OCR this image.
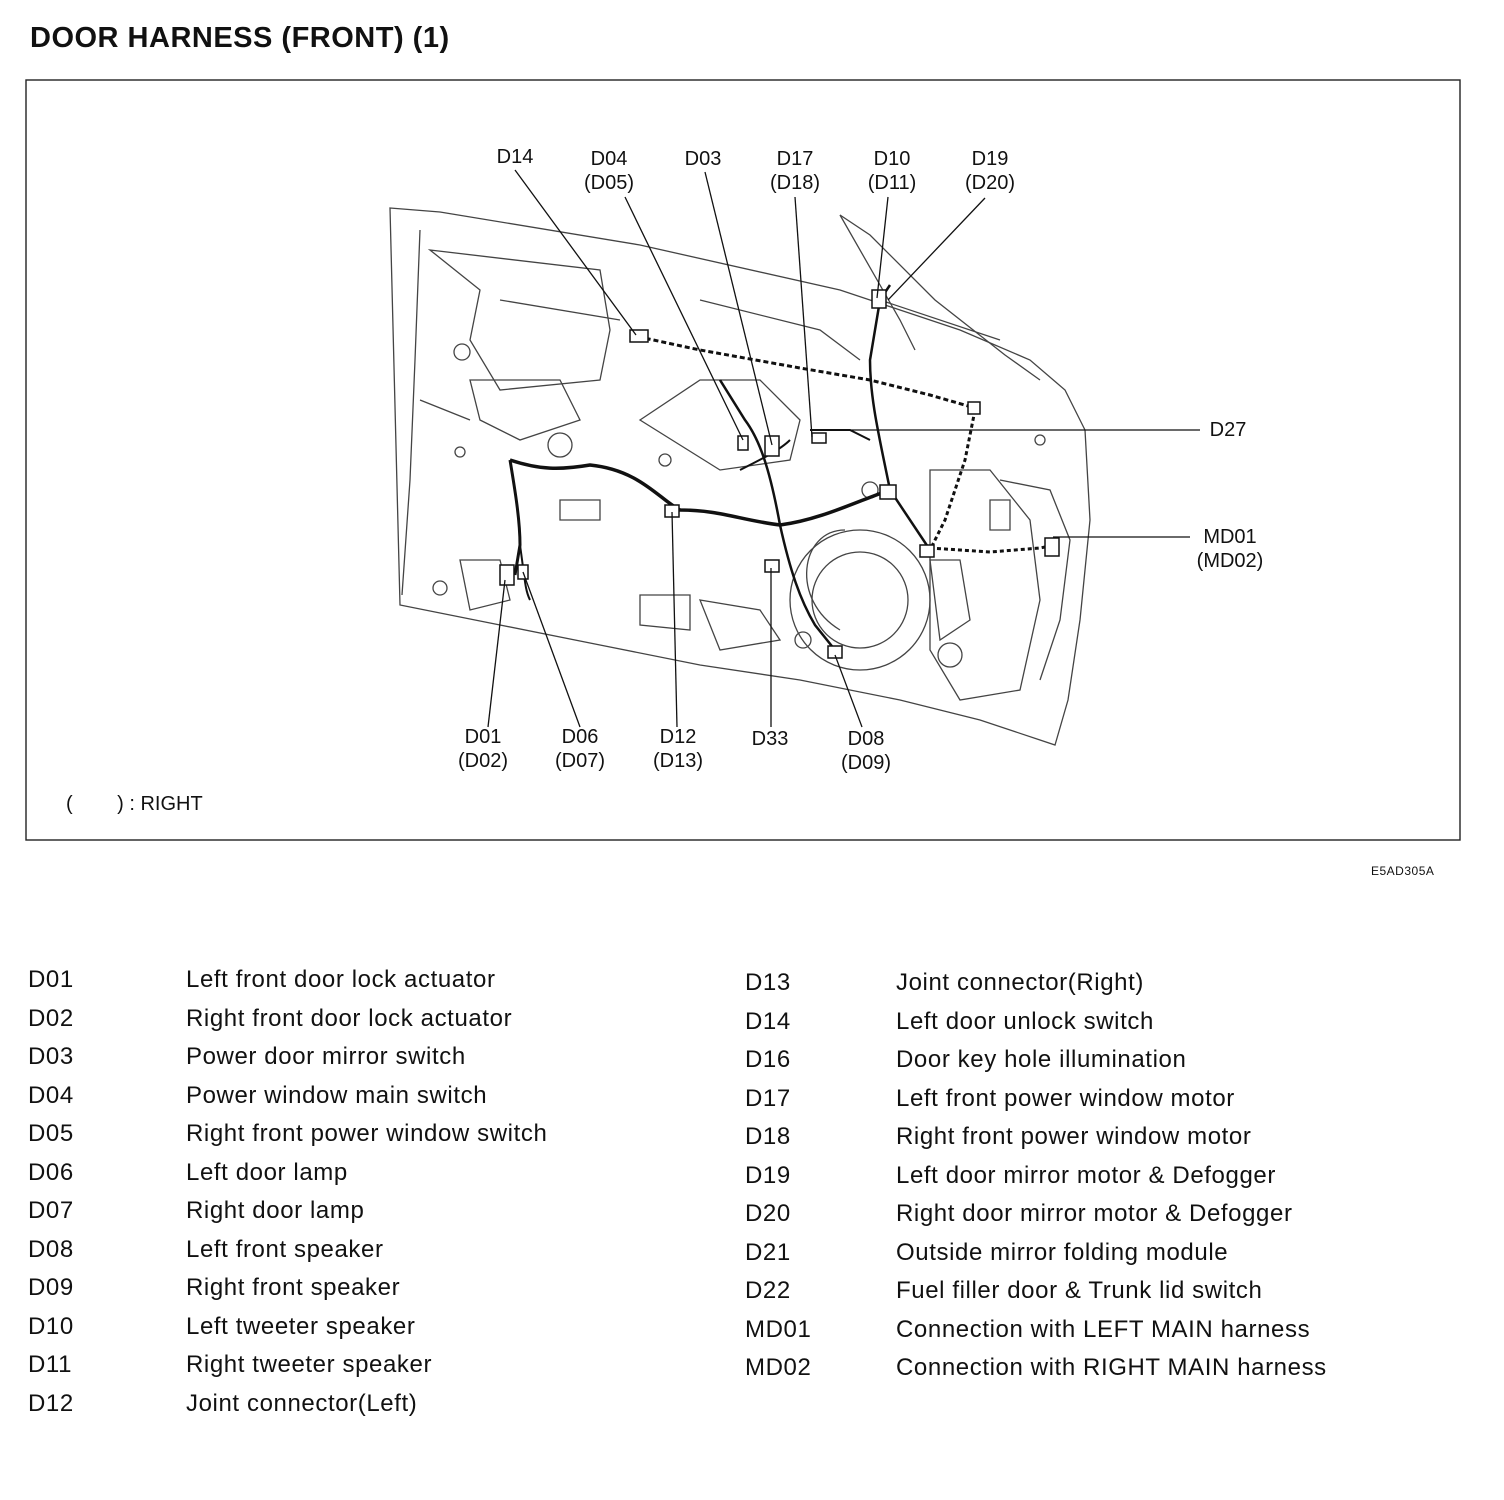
DOOR HARNESS (FRONT) (1)
D14	D04 (D05)
D03	D17 (D18)
D10 (D11)
D19 (D20)
D27
MD01 (MD02)
D01 (D02)
D06 (D07)
D12 (D13)
D33	D08 (D09)
(        ) : RIGHT
E5AD305A
D01	Left front door lock actuator
D02	Right front door lock actuator
D03	Power door mirror switch
D04	Power window main switch
D05	Right front power window switch
D06	Left door lamp
D07	Right door lamp
D08	Left front speaker
D09	Right front speaker
D10	Left tweeter speaker
D11	Right tweeter speaker
D12	Joint connector(Left)
D13	Joint connector(Right)
D14	Left door unlock switch
D16	Door key hole illumination
D17	Left front power window motor
D18	Right front power window motor
D19	Left door mirror motor & Defogger
D20	Right door mirror motor & Defogger
D21	Outside mirror folding module
D22	Fuel filler door & Trunk lid switch
MD01	Connection with LEFT MAIN harness
MD02	Connection with RIGHT MAIN harness
